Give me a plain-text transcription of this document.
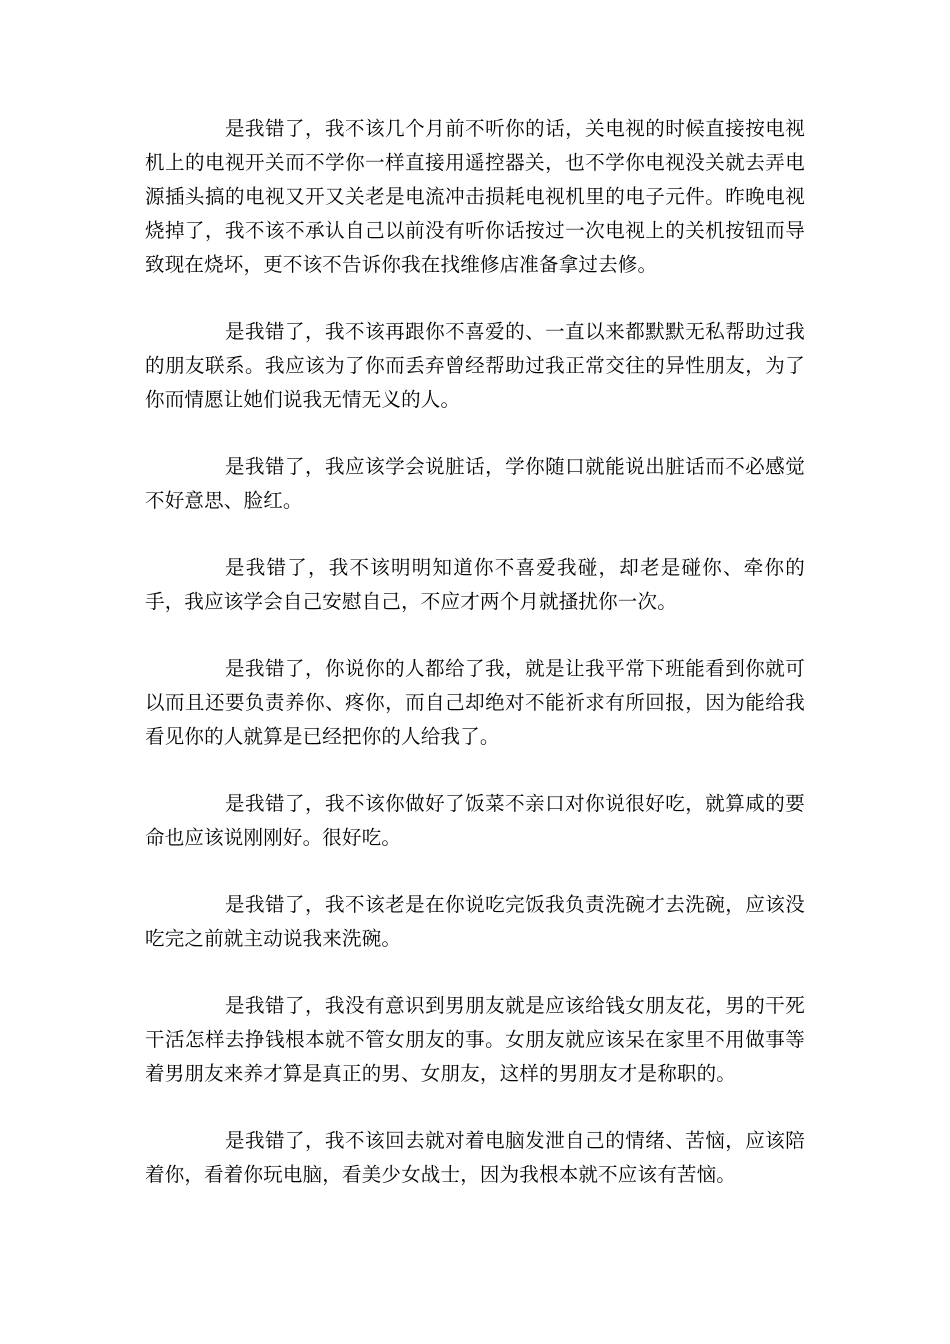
是我错了，我不该几个月前不听你的话，关电视的时候直接按电视机上的电视开关而不学你一样直接用遥控器关，也不学你电视没关就去弄电源插头搞的电视又开又关老是电流冲击损耗电视机里的电子元件。昨晚电视烧掉了，我不该不承认自己以前没有听你话按过一次电视上的关机按钮而导致现在烧坏，更不该不告诉你我在找维修店准备拿过去修。

是我错了，我不该再跟你不喜爱的、一直以来都默默无私帮助过我的朋友联系。我应该为了你而丢弃曾经帮助过我正常交往的异性朋友，为了你而情愿让她们说我无情无义的人。

是我错了，我应该学会说脏话，学你随口就能说出脏话而不必感觉不好意思、脸红。

是我错了，我不该明明知道你不喜爱我碰，却老是碰你、牵你的手，我应该学会自己安慰自己，不应才两个月就搔扰你一次。

是我错了，你说你的人都给了我，就是让我平常下班能看到你就可以而且还要负责养你、疼你，而自己却绝对不能祈求有所回报，因为能给我看见你的人就算是已经把你的人给我了。

是我错了，我不该你做好了饭菜不亲口对你说很好吃，就算咸的要命也应该说刚刚好。很好吃。

是我错了，我不该老是在你说吃完饭我负责洗碗才去洗碗，应该没吃完之前就主动说我来洗碗。

是我错了，我没有意识到男朋友就是应该给钱女朋友花，男的干死干活怎样去挣钱根本就不管女朋友的事。女朋友就应该呆在家里不用做事等着男朋友来养才算是真正的男、女朋友，这样的男朋友才是称职的。

是我错了，我不该回去就对着电脑发泄自己的情绪、苦恼，应该陪着你，看着你玩电脑，看美少女战士，因为我根本就不应该有苦恼。
